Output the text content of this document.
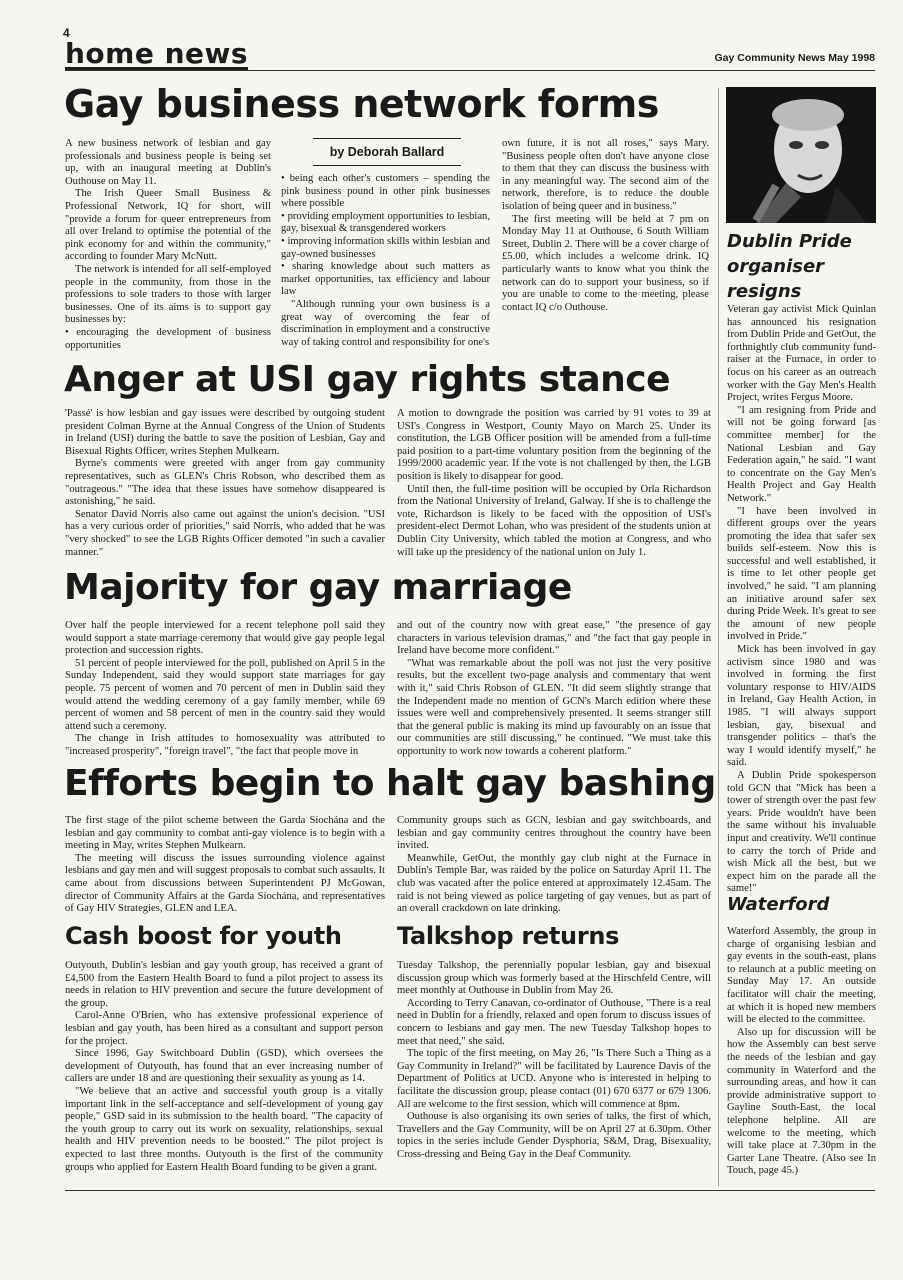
4
home news	Gay Community News May 1998
Gay business network forms

A new business network of lesbian and gay professionals and business people is being set up, with an inaugural meeting at Dublin's Outhouse on May 11.

The Irish Queer Small Business & Professional Network, IQ for short, will "provide a forum for queer entrepreneurs from all over Ireland to optimise the potential of the pink economy for and within the community," according to founder Mary McNutt.

The network is intended for all self-employed people in the community, from those in the professions to sole traders to those with larger businesses. One of its aims is to support gay businesses by:

• encouraging the development of business opportunities

by Deborah Ballard

• being each other's customers – spending the pink business pound in other pink businesses where possible

• providing employment opportunities to lesbian, gay, bisexual & transgendered workers

• improving information skills within lesbian and gay-owned businesses

• sharing knowledge about such matters as market opportunities, tax efficiency and labour law

"Although running your own business is a great way of overcoming the fear of discrimination in employment and a constructive way of taking control and responsibility for one's

own future, it is not all roses," says Mary. "Business people often don't have anyone close to them that they can discuss the business with in any meaningful way. The second aim of the network, therefore, is to reduce the double isolation of being queer and in business."

The first meeting will be held at 7 pm on Monday May 11 at Outhouse, 6 South William Street, Dublin 2. There will be a cover charge of £5.00, which includes a welcome drink. IQ particularly wants to know what you think the network can do to support your business, so if you are unable to come to the meeting, please contact IQ c/o Outhouse.

Dublin Pride organiser resigns

Veteran gay activist Mick Quinlan has announced his resignation from Dublin Pride and GetOut, the forthnightly club community fund-raiser at the Furnace, in order to focus on his career as an outreach worker with the Gay Men's Health Project, writes Fergus Moore.

"I am resigning from Pride and will not be going forward [as committee member] for the National Lesbian and Gay Federation again," he said. "I want to concentrate on the Gay Men's Health Project and Gay Health Network."

"I have been involved in different groups over the years promoting the idea that safer sex builds self-esteem. Now this is successful and well established, it is time to let other people get involved," he said. "I am planning an initiative around safer sex during Pride Week. It's great to see the amount of new people involved in Pride."

Mick has been involved in gay activism since 1980 and was involved in forming the first voluntary response to HIV/AIDS in Ireland, Gay Health Action, in 1985. "I will always support lesbian, gay, bisexual and transgender politics – that's the way I would identify myself," he said.

A Dublin Pride spokesperson told GCN that "Mick has been a tower of strength over the past few years. Pride wouldn't have been the same without his invaluable input and creativity. We'll continue to carry the torch of Pride and wish Mick all the best, but we expect him on the parade all the same!"

Waterford

Waterford Assembly, the group in charge of organising lesbian and gay events in the south-east, plans to relaunch at a public meeting on Sunday May 17. An outside facilitator will chair the meeting, at which it is hoped new members will be elected to the committee.

Also up for discussion will be how the Assembly can best serve the needs of the lesbian and gay community in Waterford and the surrounding areas, and how it can provide administrative support to Gayline South-East, the local telephone helpline. All are welcome to the meeting, which will take place at 7.30pm in the Garter Lane Theatre. (Also see In Touch, page 45.)

Anger at USI gay rights stance

'Passé' is how lesbian and gay issues were described by outgoing student president Colman Byrne at the Annual Congress of the Union of Students in Ireland (USI) during the battle to save the position of Lesbian, Gay and Bisexual Rights Officer, writes Stephen Mulkearn.

Byrne's comments were greeted with anger from gay community representatives, such as GLEN's Chris Robson, who described them as "outrageous." "The idea that these issues have somehow disappeared is astonishing," he said.

Senator David Norris also came out against the union's decision. "USI has a very curious order of priorities," said Norris, who added that he was "very shocked" to see the LGB Rights Officer demoted "in such a cavalier manner."

A motion to downgrade the position was carried by 91 votes to 39 at USI's Congress in Westport, County Mayo on March 25. Under its constitution, the LGB Officer position will be amended from a full-time paid position to a part-time voluntary position from the beginning of the 1999/2000 academic year. If the vote is not challenged by then, the LGB position is likely to disappear for good.

Until then, the full-time position will be occupied by Orla Richardson from the National University of Ireland, Galway. If she is to challenge the vote, Richardson is likely to be faced with the opposition of USI's president-elect Dermot Lohan, who was president of the students union at Dublin City University, which tabled the motion at Congress, and who will take up the presidency of the national union on July 1.

Majority for gay marriage

Over half the people interviewed for a recent telephone poll said they would support a state marriage ceremony that would give gay people legal protection and succession rights.

51 percent of people interviewed for the poll, published on April 5 in the Sunday Independent, said they would support state marriages for gay people. 75 percent of women and 70 percent of men in Dublin said they would attend the wedding ceremony of a gay family member, while 69 percent of women and 58 percent of men in the country said they would attend such a ceremony.

The change in Irish attitudes to homosexuality was attributed to "increased prosperity", "foreign travel", "the fact that people move in

and out of the country now with great ease," "the presence of gay characters in various television dramas," and "the fact that gay people in Ireland have become more confident."

"What was remarkable about the poll was not just the very positive results, but the excellent two-page analysis and commentary that went with it," said Chris Robson of GLEN. "It did seem slightly strange that the Independent made no mention of GCN's March edition where these issues were well and comprehensively presented. It seems stranger still that the general public is making its mind up favourably on an issue that our communities are still discussing," he continued. "We must take this opportunity to work now towards a coherent platform."

Efforts begin to halt gay bashing

The first stage of the pilot scheme between the Garda Síochána and the lesbian and gay community to combat anti-gay violence is to begin with a meeting in May, writes Stephen Mulkearn.

The meeting will discuss the issues surrounding violence against lesbians and gay men and will suggest proposals to combat such assaults. It came about from discussions between Superintendent PJ McGowan, director of Community Affairs at the Garda Síochána, and representatives of Gay HIV Strategies, GLEN and LEA.

Community groups such as GCN, lesbian and gay switchboards, and lesbian and gay community centres throughout the country have been invited.

Meanwhile, GetOut, the monthly gay club night at the Furnace in Dublin's Temple Bar, was raided by the police on Saturday April 11. The club was vacated after the police entered at approximately 12.45am. The raid is not being viewed as police targeting of gay venues, but as part of an overall crackdown on late drinking.

Cash boost for youth

Outyouth, Dublin's lesbian and gay youth group, has received a grant of £4,500 from the Eastern Health Board to fund a pilot project to assess its needs in relation to HIV prevention and secure the future development of the group.

Carol-Anne O'Brien, who has extensive professional experience of lesbian and gay youth, has been hired as a consultant and support person for the project.

Since 1996, Gay Switchboard Dublin (GSD), which oversees the development of Outyouth, has found that an ever increasing number of callers are under 18 and are questioning their sexuality as young as 14.

"We believe that an active and successful youth group is a vitally important link in the self-acceptance and self-development of young gay people," GSD said in its submission to the health board. "The capacity of the youth group to carry out its work on sexuality, relationships, sexual health and HIV prevention needs to be boosted." The pilot project is expected to last three months. Outyouth is the first of the community groups who applied for Eastern Health Board funding to be given a grant.

Talkshop returns

Tuesday Talkshop, the perennially popular lesbian, gay and bisexual discussion group which was formerly based at the Hirschfeld Centre, will meet monthly at Outhouse in Dublin from May 26.

According to Terry Canavan, co-ordinator of Outhouse, "There is a real need in Dublin for a friendly, relaxed and open forum to discuss issues of concern to lesbians and gay men. The new Tuesday Talkshop hopes to meet that need," she said.

The topic of the first meeting, on May 26, "Is There Such a Thing as a Gay Community in Ireland?" will be facilitated by Laurence Davis of the Department of Politics at UCD. Anyone who is interested in helping to facilitate the discussion group, please contact (01) 670 6377 or 679 1306. All are welcome to the first session, which will commence at 8pm.

Outhouse is also organising its own series of talks, the first of which, Travellers and the Gay Community, will be on April 27 at 6.30pm. Other topics in the series include Gender Dysphoria, S&M, Drag, Bisexuality, Cross-dressing and Being Gay in the Deaf Community.
